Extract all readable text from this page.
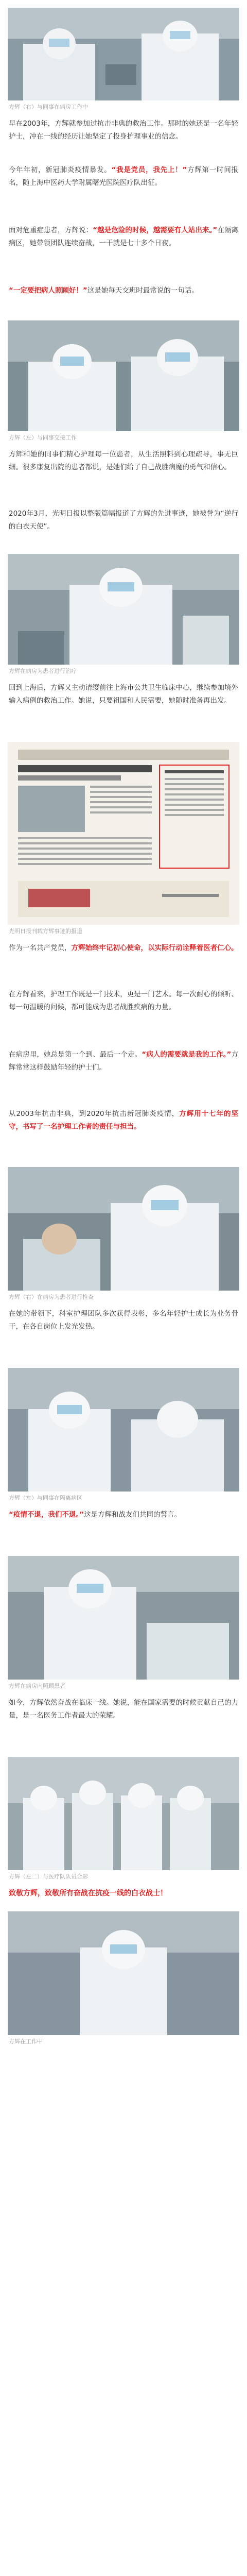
方辉（右）与同事在病房工作中
早在2003年，方辉就参加过抗击非典的救治工作。那时的她还是一名年轻护士，冲在一线的经历让她坚定了投身护理事业的信念。
今年年初，新冠肺炎疫情暴发。“我是党员，我先上！”方辉第一时间报名，随上海中医药大学附属曙光医院医疗队出征。
面对危重症患者，方辉说：“越是危险的时候，越需要有人站出来。”在隔离病区，她带领团队连续奋战，一干就是七十多个日夜。
“一定要把病人照顾好！”这是她每天交班时最常说的一句话。
方辉（左）与同事交接工作
方辉和她的同事们精心护理每一位患者，从生活照料到心理疏导，事无巨细。很多康复出院的患者都说，是她们给了自己战胜病魔的勇气和信心。
2020年3月，光明日报以整版篇幅报道了方辉的先进事迹，她被誉为“逆行的白衣天使”。
方辉在病房为患者进行治疗
回到上海后，方辉又主动请缨前往上海市公共卫生临床中心，继续参加境外输入病例的救治工作。她说，只要祖国和人民需要，她随时准备再出发。
光明日报刊载方辉事迹的报道
作为一名共产党员，方辉始终牢记初心使命，以实际行动诠释着医者仁心。
在方辉看来，护理工作既是一门技术，更是一门艺术。每一次耐心的倾听、每一句温暖的问候，都可能成为患者战胜疾病的力量。
在病房里，她总是第一个到、最后一个走。“病人的需要就是我的工作。”方辉常常这样鼓励年轻的护士们。
从2003年抗击非典，到2020年抗击新冠肺炎疫情，方辉用十七年的坚守，书写了一名护理工作者的责任与担当。
方辉（右）在病房为患者进行检查
在她的带领下，科室护理团队多次获得表彰，多名年轻护士成长为业务骨干，在各自岗位上发光发热。
方辉（左）与同事在隔离病区
“疫情不退，我们不退。”这是方辉和战友们共同的誓言。
方辉在病房内照顾患者
如今，方辉依然奋战在临床一线。她说，能在国家需要的时候贡献自己的力量，是一名医务工作者最大的荣耀。
方辉（左二）与医疗队队员合影
致敬方辉，致敬所有奋战在抗疫一线的白衣战士！
方辉在工作中
